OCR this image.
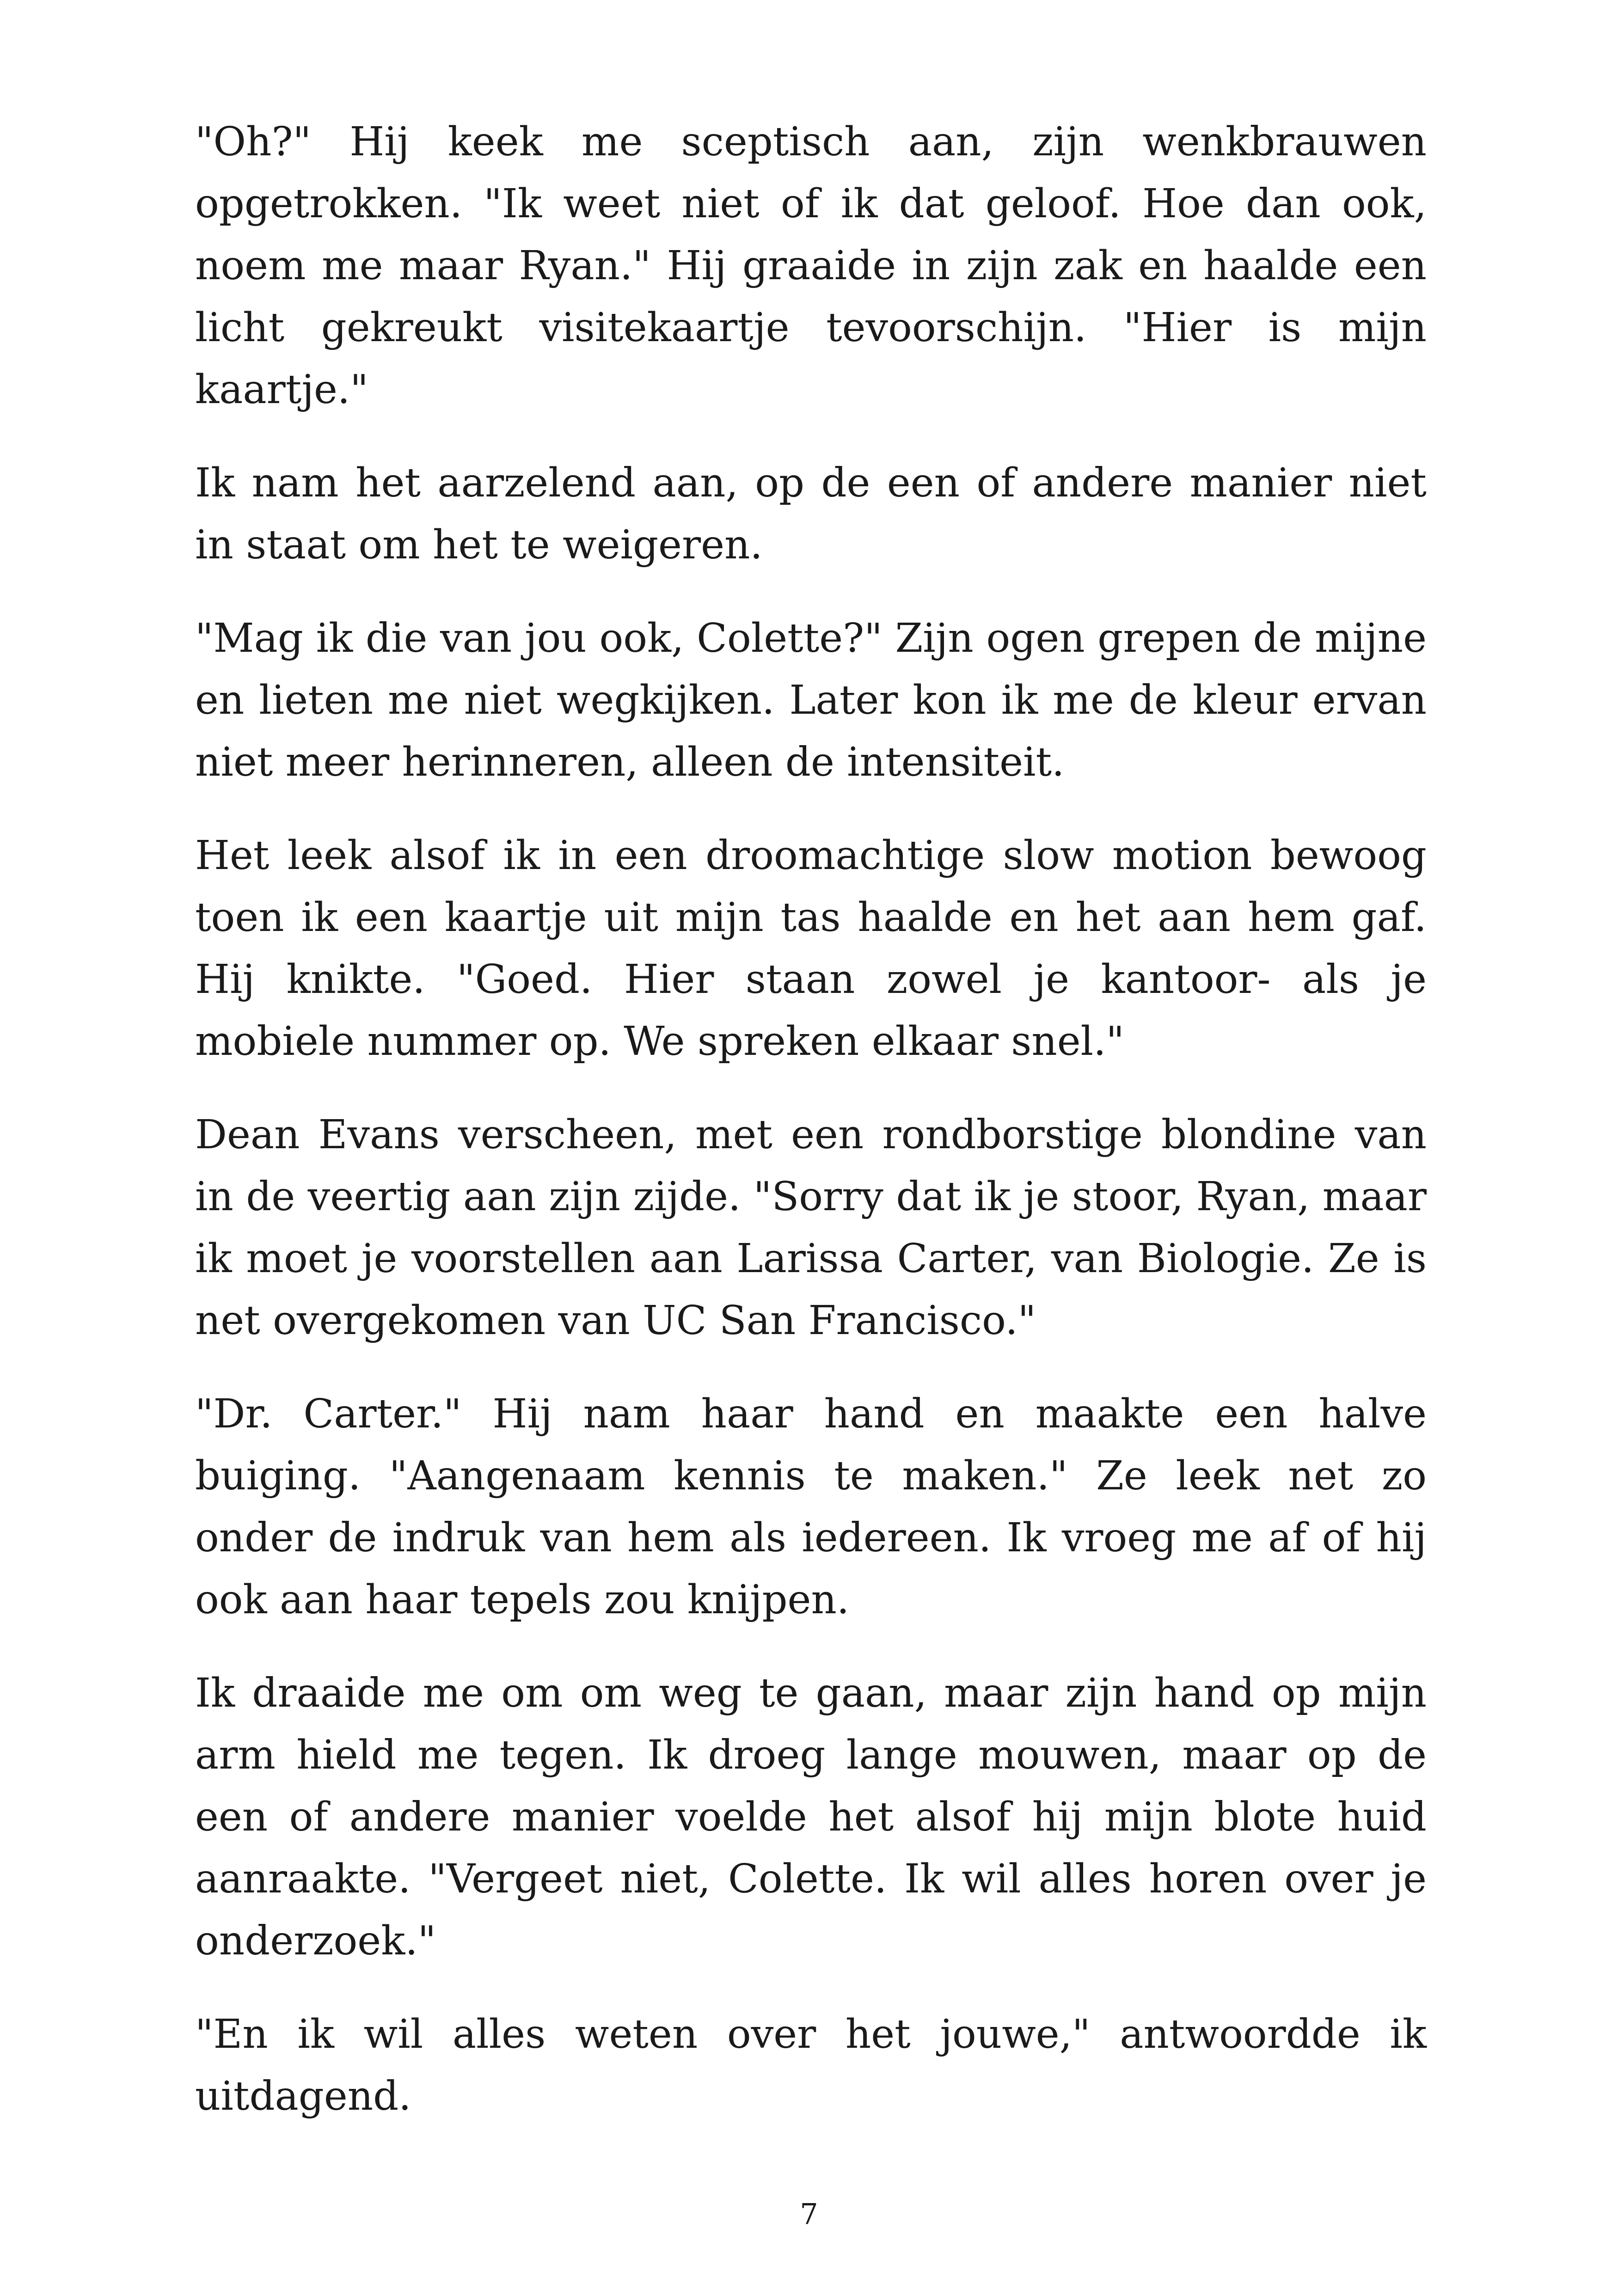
"Oh?" Hij keek me sceptisch aan, zijn wenkbrauwen opgetrokken. "Ik weet niet of ik dat geloof. Hoe dan ook, noem me maar Ryan." Hij graaide in zijn zak en haalde een licht gekreukt visitekaartje tevoorschijn. "Hier is mijn kaartje."

Ik nam het aarzelend aan, op de een of andere manier niet in staat om het te weigeren.

"Mag ik die van jou ook, Colette?" Zijn ogen grepen de mijne en lieten me niet wegkijken. Later kon ik me de kleur ervan niet meer herinneren, alleen de intensiteit.

Het leek alsof ik in een droomachtige slow motion bewoog toen ik een kaartje uit mijn tas haalde en het aan hem gaf. Hij knikte. "Goed. Hier staan zowel je kantoor- als je mobiele nummer op. We spreken elkaar snel."

Dean Evans verscheen, met een rondborstige blondine van in de veertig aan zijn zijde. "Sorry dat ik je stoor, Ryan, maar ik moet je voorstellen aan Larissa Carter, van Biologie. Ze is net overgekomen van UC San Francisco."

"Dr. Carter." Hij nam haar hand en maakte een halve buiging. "Aangenaam kennis te maken." Ze leek net zo onder de indruk van hem als iedereen. Ik vroeg me af of hij ook aan haar tepels zou knijpen.

Ik draaide me om om weg te gaan, maar zijn hand op mijn arm hield me tegen. Ik droeg lange mouwen, maar op de een of andere manier voelde het alsof hij mijn blote huid aanraakte. "Vergeet niet, Colette. Ik wil alles horen over je onderzoek."

"En ik wil alles weten over het jouwe," antwoordde ik uitdagend.

7
